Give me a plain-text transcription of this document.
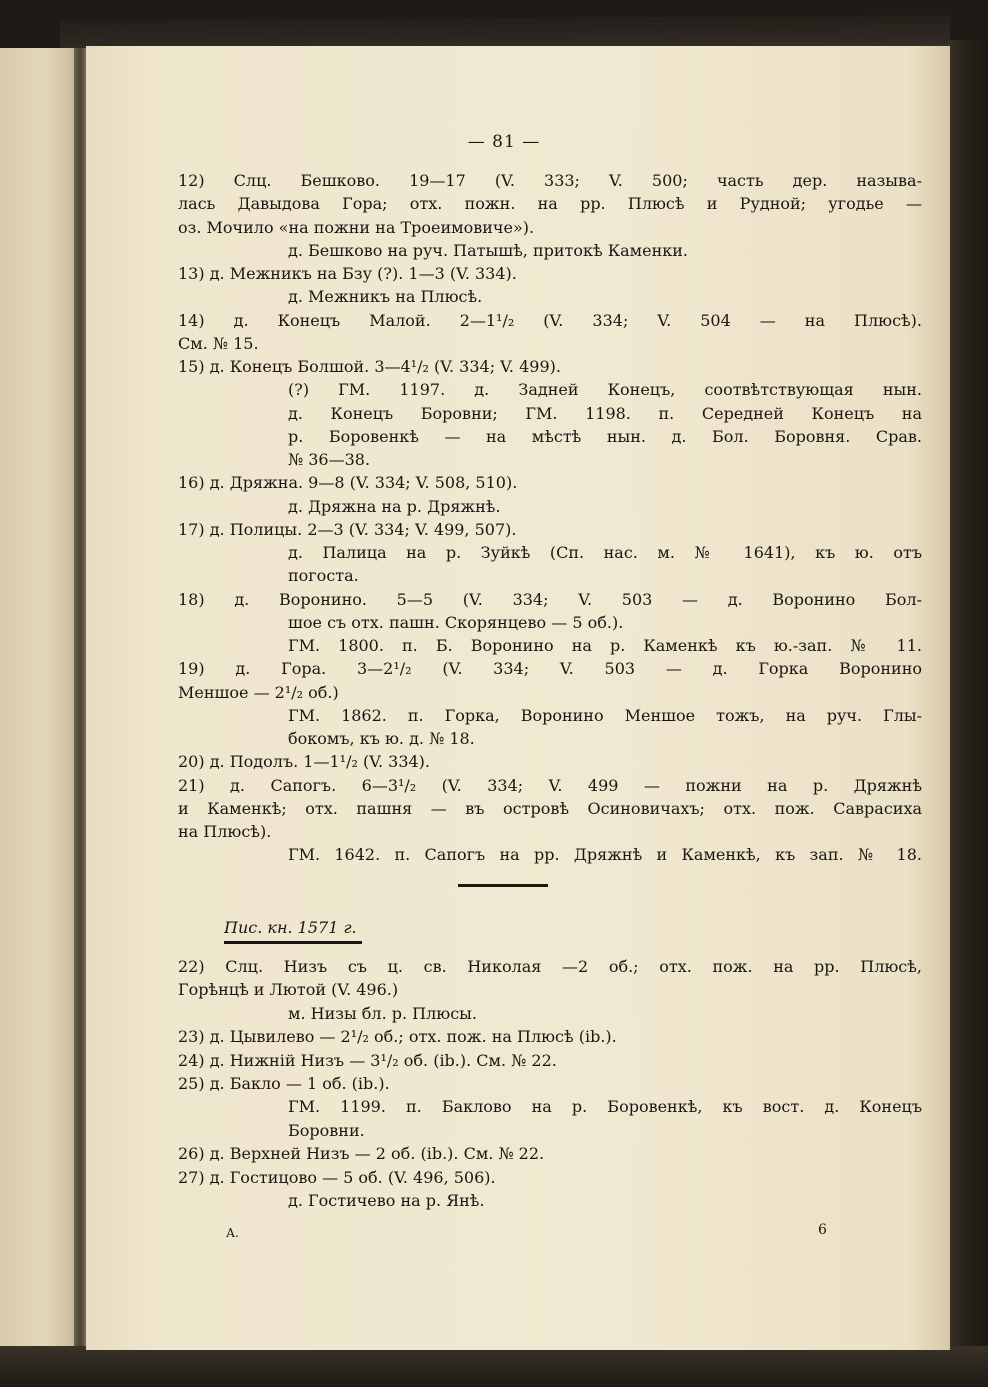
— 81 —
12) Слц. Бешково. 19—17 (V. 333; V. 500; часть дер. называ-
лась Давыдова Гора; отх. пожн. на рр. Плюсѣ и Рудной; угодье —
оз. Мочило «на пожни на Троеимовиче»).
д. Бешково на руч. Патышѣ, притокѣ Каменки.
13) д. Межникъ на Бзу (?). 1—3 (V. 334).
д. Межникъ на Плюсѣ.
14) д. Конецъ Малой. 2—1¹/₂ (V. 334; V. 504 — на Плюсѣ).
См. № 15.
15) д. Конецъ Болшой. 3—4¹/₂ (V. 334; V. 499).
(?) ГМ. 1197. д. Задней Конецъ, соотвѣтствующая нын.
д. Конецъ Боровни; ГМ. 1198. п. Середней Конецъ на
р. Боровенкѣ — на мѣстѣ нын. д. Бол. Боровня. Срав.
№ 36—38.
16) д. Дряжна. 9—8 (V. 334; V. 508, 510).
д. Дряжна на р. Дряжнѣ.
17) д. Полицы. 2—3 (V. 334; V. 499, 507).
д. Палица на р. Зуйкѣ (Сп. нас. м. № 1641), къ ю. отъ
погоста.
18) д. Воронино. 5—5 (V. 334; V. 503 — д. Воронино Бол-
шое съ отх. пашн. Скорянцево — 5 об.).
ГМ. 1800. п. Б. Воронино на р. Каменкѣ къ ю.-зап. № 11.
19) д. Гора. 3—2¹/₂ (V. 334; V. 503 — д. Горка Воронино
Меншое — 2¹/₂ об.)
ГМ. 1862. п. Горка, Воронино Меншое тожъ, на руч. Глы-
бокомъ, къ ю. д. № 18.
20) д. Подолъ. 1—1¹/₂ (V. 334).
21) д. Сапогъ. 6—3¹/₂ (V. 334; V. 499 — пожни на р. Дряжнѣ
и Каменкѣ; отх. пашня — въ островѣ Осиновичахъ; отх. пож. Саврасиха
на Плюсѣ).
ГМ. 1642. п. Сапогъ на рр. Дряжнѣ и Каменкѣ, къ зап. № 18.
Пис. кн. 1571 г.
22) Слц. Низъ съ ц. св. Николая —2 об.; отх. пож. на рр. Плюсѣ,
Горѣнцѣ и Лютой (V. 496.)
м. Низы бл. р. Плюсы.
23) д. Цывилево — 2¹/₂ об.; отх. пож. на Плюсѣ (ib.).
24) д. Нижній Низъ — 3¹/₂ об. (ib.). См. № 22.
25) д. Бакло — 1 об. (ib.).
ГМ. 1199. п. Баклово на р. Боровенкѣ, къ вост. д. Конецъ
Боровни.
26) д. Верхней Низъ — 2 об. (ib.). См. № 22.
27) д. Гостицово — 5 об. (V. 496, 506).
д. Гостичево на р. Янѣ.
А.	6
